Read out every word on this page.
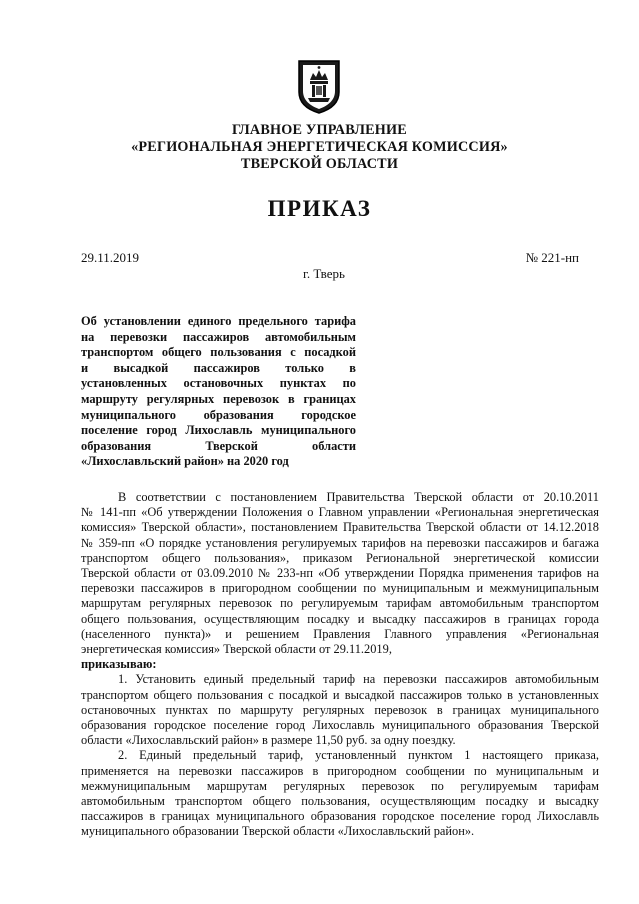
ГЛАВНОЕ УПРАВЛЕНИЕ
«РЕГИОНАЛЬНАЯ ЭНЕРГЕТИЧЕСКАЯ КОМИССИЯ»
ТВЕРСКОЙ ОБЛАСТИ
ПРИКАЗ
29.11.2019
г. Тверь
№ 221-нп
Об установлении единого предельного тарифа
на перевозки пассажиров автомобильным
транспортом общего пользования с посадкой
и высадкой пассажиров только в
установленных остановочных пунктах по
маршруту регулярных перевозок в границах
муниципального образования городское
поселение город Лихославль муниципального
образования Тверской области
«Лихославльский район» на 2020 год
В соответствии с постановлением Правительства Тверской области от 20.10.2011
№ 141-пп «Об утверждении Положения о Главном управлении «Региональная энергетическая
комиссия» Тверской области», постановлением Правительства Тверской области от 14.12.2018
№ 359-пп «О порядке установления регулируемых тарифов на перевозки пассажиров и багажа
транспортом общего пользования», приказом Региональной энергетической комиссии
Тверской области от 03.09.2010 № 233-нп «Об утверждении Порядка применения тарифов на
перевозки пассажиров в пригородном сообщении по муниципальным и межмуниципальным
маршрутам регулярных перевозок по регулируемым тарифам автомобильным транспортом
общего пользования, осуществляющим посадку и высадку пассажиров в границах города
(населенного пункта)» и решением Правления Главного управления «Региональная
энергетическая комиссия» Тверской области от 29.11.2019,
приказываю:
1. Установить единый предельный тариф на перевозки пассажиров автомобильным
транспортом общего пользования с посадкой и высадкой пассажиров только в установленных
остановочных пунктах по маршруту регулярных перевозок в границах муниципального
образования городское поселение город Лихославль муниципального образования Тверской
области «Лихославльский район» в размере 11,50 руб. за одну поездку.
2. Единый предельный тариф, установленный пунктом 1 настоящего приказа,
применяется на перевозки пассажиров в пригородном сообщении по муниципальным и
межмуниципальным маршрутам регулярных перевозок по регулируемым тарифам
автомобильным транспортом общего пользования, осуществляющим посадку и высадку
пассажиров в границах муниципального образования городское поселение город Лихославль
муниципального образовании Тверской области «Лихославльский район».
